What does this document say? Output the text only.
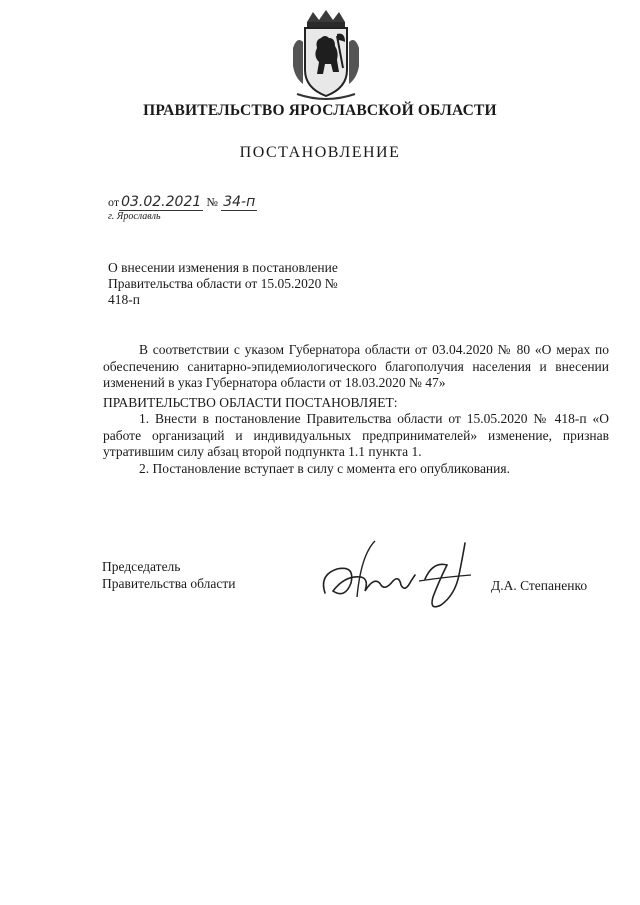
ПРАВИТЕЛЬСТВО ЯРОСЛАВСКОЙ ОБЛАСТИ
ПОСТАНОВЛЕНИЕ
от 03.02.2021 № 34-п
г. Ярославль
О внесении изменения в постановление Правительства области от 15.05.2020 № 418-п

В соответствии с указом Губернатора области от 03.04.2020 № 80 «О мерах по обеспечению санитарно-эпидемиологического благополучия населения и внесении изменений в указ Губернатора области от 18.03.2020 № 47»

ПРАВИТЕЛЬСТВО ОБЛАСТИ ПОСТАНОВЛЯЕТ:

1. Внести в постановление Правительства области от 15.05.2020 № 418-п «О работе организаций и индивидуальных предпринимателей» изменение, признав утратившим силу абзац второй подпункта 1.1 пункта 1.

2. Постановление вступает в силу с момента его опубликования.

Председатель
Правительства области	Д.А. Степаненко
